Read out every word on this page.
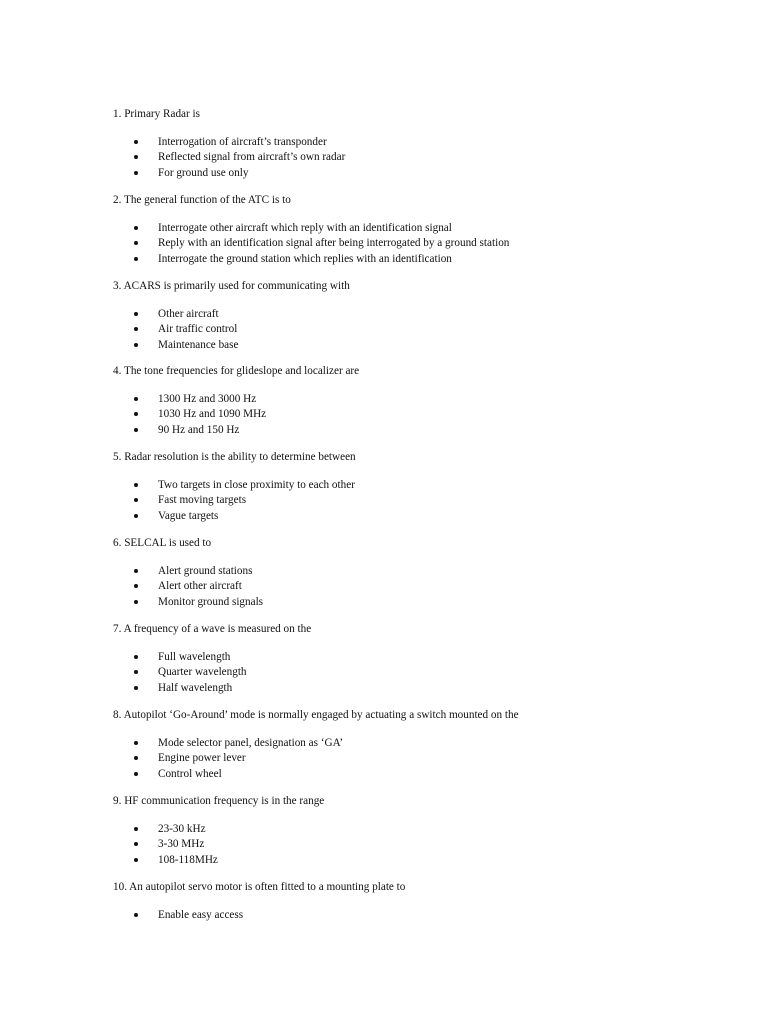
1. Primary Radar is
Interrogation of aircraft’s transponder
Reflected signal from aircraft’s own radar
For ground use only
2. The general function of the ATC is to
Interrogate other aircraft which reply with an identification signal
Reply with an identification signal after being interrogated by a ground station
Interrogate the ground station which replies with an identification
3. ACARS is primarily used for communicating with
Other aircraft
Air traffic control
Maintenance base
4. The tone frequencies for glideslope and localizer are
1300 Hz and 3000 Hz
1030 Hz and 1090 MHz
90 Hz and 150 Hz
5. Radar resolution is the ability to determine between
Two targets in close proximity to each other
Fast moving targets
Vague targets
6. SELCAL is used to
Alert ground stations
Alert other aircraft
Monitor ground signals
7. A frequency of a wave is measured on the
Full wavelength
Quarter wavelength
Half wavelength
8. Autopilot ‘Go-Around’ mode is normally engaged by actuating a switch mounted on the
Mode selector panel, designation as ‘GA’
Engine power lever
Control wheel
9. HF communication frequency is in the range
23-30 kHz
3-30 MHz
108-118MHz
10. An autopilot servo motor is often fitted to a mounting plate to
Enable easy access
